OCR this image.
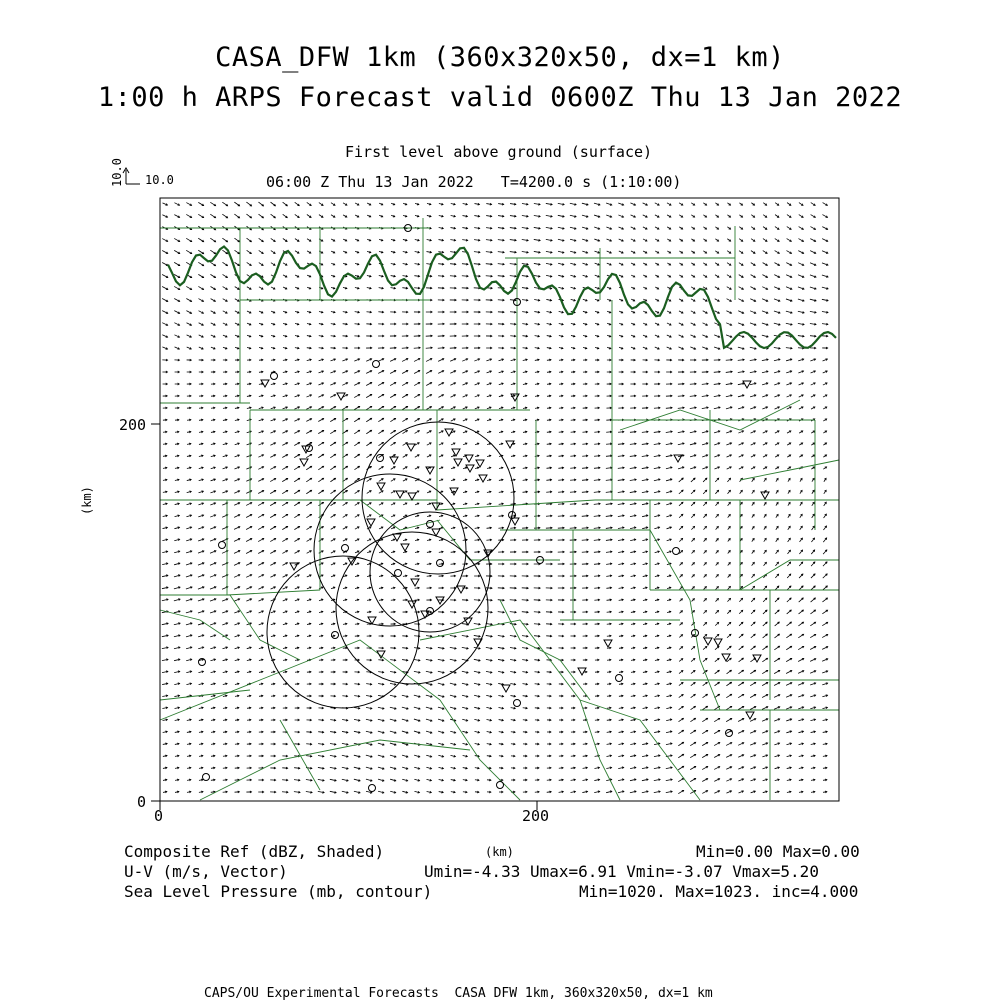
CASA_DFW 1km (360x320x50, dx=1 km)
1:00 h ARPS Forecast valid 0600Z Thu 13 Jan 2022
First level above ground (surface)
06:00 Z Thu 13 Jan 2022   T=4200.0 s (1:10:00)
10.0 10.0
0	200
0
200
(km)
(km)
Composite Ref (dBZ, Shaded)	Min=0.00 Max=0.00
U-V (m/s, Vector)	Umin=-4.33 Umax=6.91 Vmin=-3.07 Vmax=5.20
Sea Level Pressure (mb, contour)	Min=1020. Max=1023. inc=4.000
CAPS/OU Experimental Forecasts  CASA DFW 1km, 360x320x50, dx=1 km
